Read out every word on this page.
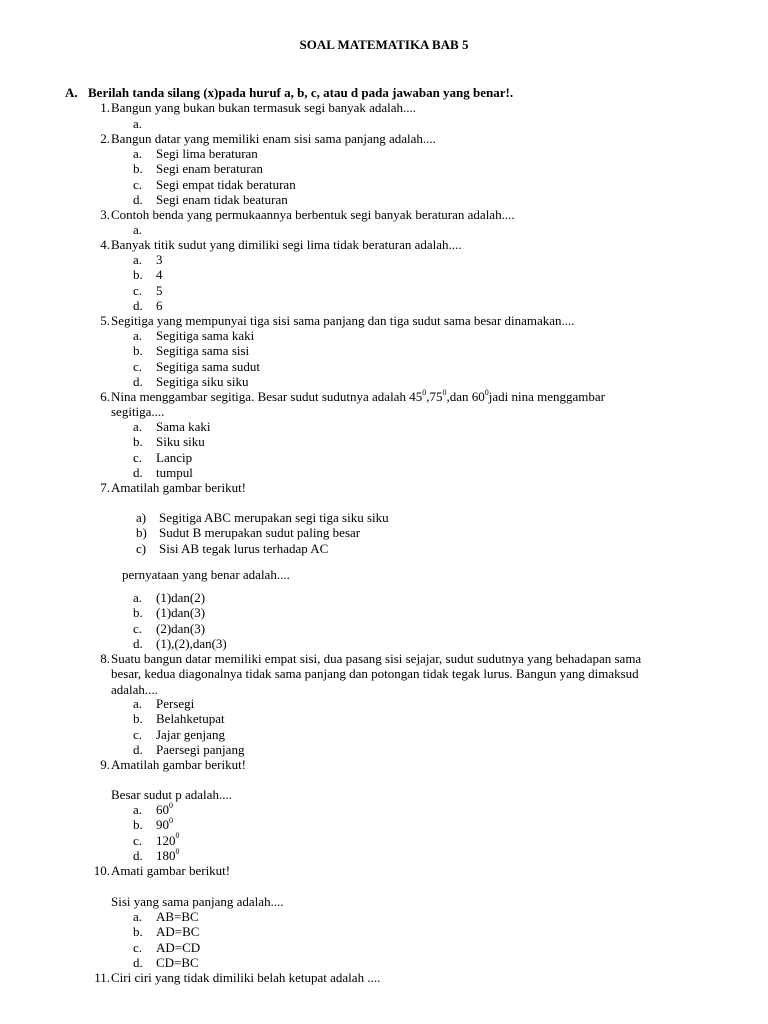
SOAL MATEMATIKA BAB 5
A. Berilah tanda silang (x)pada huruf a, b, c, atau d pada jawaban yang benar!.
1. Bangun yang bukan bukan termasuk segi banyak adalah....
a.
2. Bangun datar yang memiliki enam sisi sama panjang adalah....
a. Segi lima beraturan
b. Segi enam beraturan
c. Segi empat tidak beraturan
d. Segi enam tidak beaturan
3. Contoh benda yang permukaannya berbentuk segi banyak beraturan adalah....
a.
4. Banyak titik sudut yang dimiliki segi lima tidak beraturan adalah....
a. 3
b. 4
c. 5
d. 6
5. Segitiga yang mempunyai tiga sisi sama panjang dan tiga sudut sama besar dinamakan....
a. Segitiga sama kaki
b. Segitiga sama sisi
c. Segitiga sama sudut
d. Segitiga siku siku
6. Nina menggambar segitiga. Besar sudut sudutnya adalah $45^0,75^0,dan$ $60^0jadi$ nina menggambar
segitiga....
a. Sama kaki
b. Siku siku
c. Lancip
d. tumpul
7. Amatilah gambar berikut!
a) Segitiga ABC merupakan segi tiga siku siku
b) Sudut B merupakan sudut paling besar
c) Sisi AB tegak lurus terhadap AC
pernyataan yang benar adalah....
a. (1)dan(2)
b. (1)dan(3)
c. (2)dan(3)
d. (1),(2),dan(3)
8. Suatu bangun datar memiliki empat sisi, dua pasang sisi sejajar, sudut sudutnya yang behadapan sama
besar, kedua diagonalnya tidak sama panjang dan potongan tidak tegak lurus. Bangun yang dimaksud
adalah....
a. Persegi
b. Belahketupat
c. Jajar genjang
d. Paersegi panjang
9. Amatilah gambar berikut!
Besar sudut p adalah....
a. $60^0$
b. $90^0$
c. $120^0$
d. $180^0$
10. Amati gambar berikut!
Sisi yang sama panjang adalah....
a. AB=BC
b. AD=BC
c. AD=CD
d. CD=BC
11. Ciri ciri yang tidak dimiliki belah ketupat adalah ....
